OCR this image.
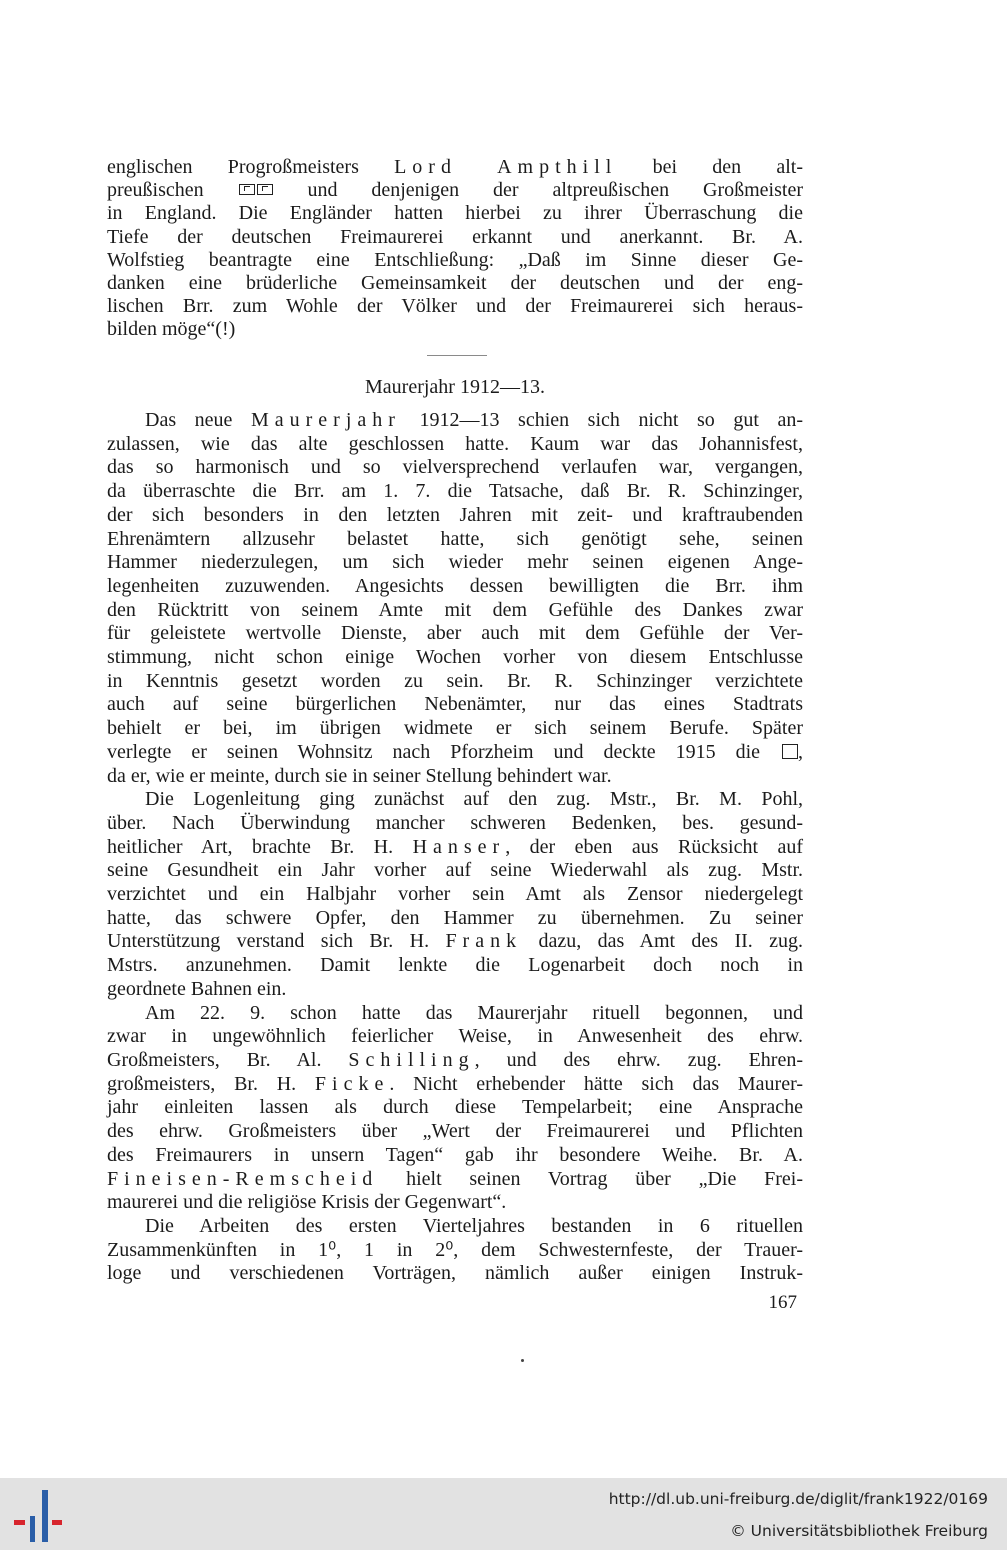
englischen Progroßmeisters Lord Ampthill bei den alt-
preußischen  und denjenigen der altpreußischen Großmeister
in England. Die Engländer hatten hierbei zu ihrer Überraschung die
Tiefe der deutschen Freimaurerei erkannt und anerkannt. Br. A.
Wolfstieg beantragte eine Entschließung: „Daß im Sinne dieser Ge-
danken eine brüderliche Gemeinsamkeit der deutschen und der eng-
lischen Brr. zum Wohle der Völker und der Freimaurerei sich heraus-
bilden möge“(!)
Maurerjahr 1912—13.
Das neue Maurerjahr 1912—13 schien sich nicht so gut an-
zulassen, wie das alte geschlossen hatte. Kaum war das Johannisfest,
das so harmonisch und so vielversprechend verlaufen war, vergangen,
da überraschte die Brr. am 1. 7. die Tatsache, daß Br. R. Schinzinger,
der sich besonders in den letzten Jahren mit zeit- und kraftraubenden
Ehrenämtern allzusehr belastet hatte, sich genötigt sehe, seinen
Hammer niederzulegen, um sich wieder mehr seinen eigenen Ange-
legenheiten zuzuwenden. Angesichts dessen bewilligten die Brr. ihm
den Rücktritt von seinem Amte mit dem Gefühle des Dankes zwar
für geleistete wertvolle Dienste, aber auch mit dem Gefühle der Ver-
stimmung, nicht schon einige Wochen vorher von diesem Entschlusse
in Kenntnis gesetzt worden zu sein. Br. R. Schinzinger verzichtete
auch auf seine bürgerlichen Nebenämter, nur das eines Stadtrats
behielt er bei, im übrigen widmete er sich seinem Berufe. Später
verlegte er seinen Wohnsitz nach Pforzheim und deckte 1915 die ,
da er, wie er meinte, durch sie in seiner Stellung behindert war.
Die Logenleitung ging zunächst auf den zug. Mstr., Br. M. Pohl,
über. Nach Überwindung mancher schweren Bedenken, bes. gesund-
heitlicher Art, brachte Br. H. Hanser, der eben aus Rücksicht auf
seine Gesundheit ein Jahr vorher auf seine Wiederwahl als zug. Mstr.
verzichtet und ein Halbjahr vorher sein Amt als Zensor niedergelegt
hatte, das schwere Opfer, den Hammer zu übernehmen. Zu seiner
Unterstützung verstand sich Br. H. Frank dazu, das Amt des II. zug.
Mstrs. anzunehmen. Damit lenkte die Logenarbeit doch noch in
geordnete Bahnen ein.
Am 22. 9. schon hatte das Maurerjahr rituell begonnen, und
zwar in ungewöhnlich feierlicher Weise, in Anwesenheit des ehrw.
Großmeisters, Br. Al. Schilling, und des ehrw. zug. Ehren-
großmeisters, Br. H. Ficke. Nicht erhebender hätte sich das Maurer-
jahr einleiten lassen als durch diese Tempelarbeit; eine Ansprache
des ehrw. Großmeisters über „Wert der Freimaurerei und Pflichten
des Freimaurers in unsern Tagen“ gab ihr besondere Weihe. Br. A.
Fineisen-Remscheid hielt seinen Vortrag über „Die Frei-
maurerei und die religiöse Krisis der Gegenwart“.
Die Arbeiten des ersten Vierteljahres bestanden in 6 rituellen
Zusammenkünften in 1⁰, 1 in 2⁰, dem Schwesternfeste, der Trauer-
loge und verschiedenen Vorträgen, nämlich außer einigen Instruk-
167
http://dl.ub.uni-freiburg.de/diglit/frank1922/0169
© Universitätsbibliothek Freiburg
